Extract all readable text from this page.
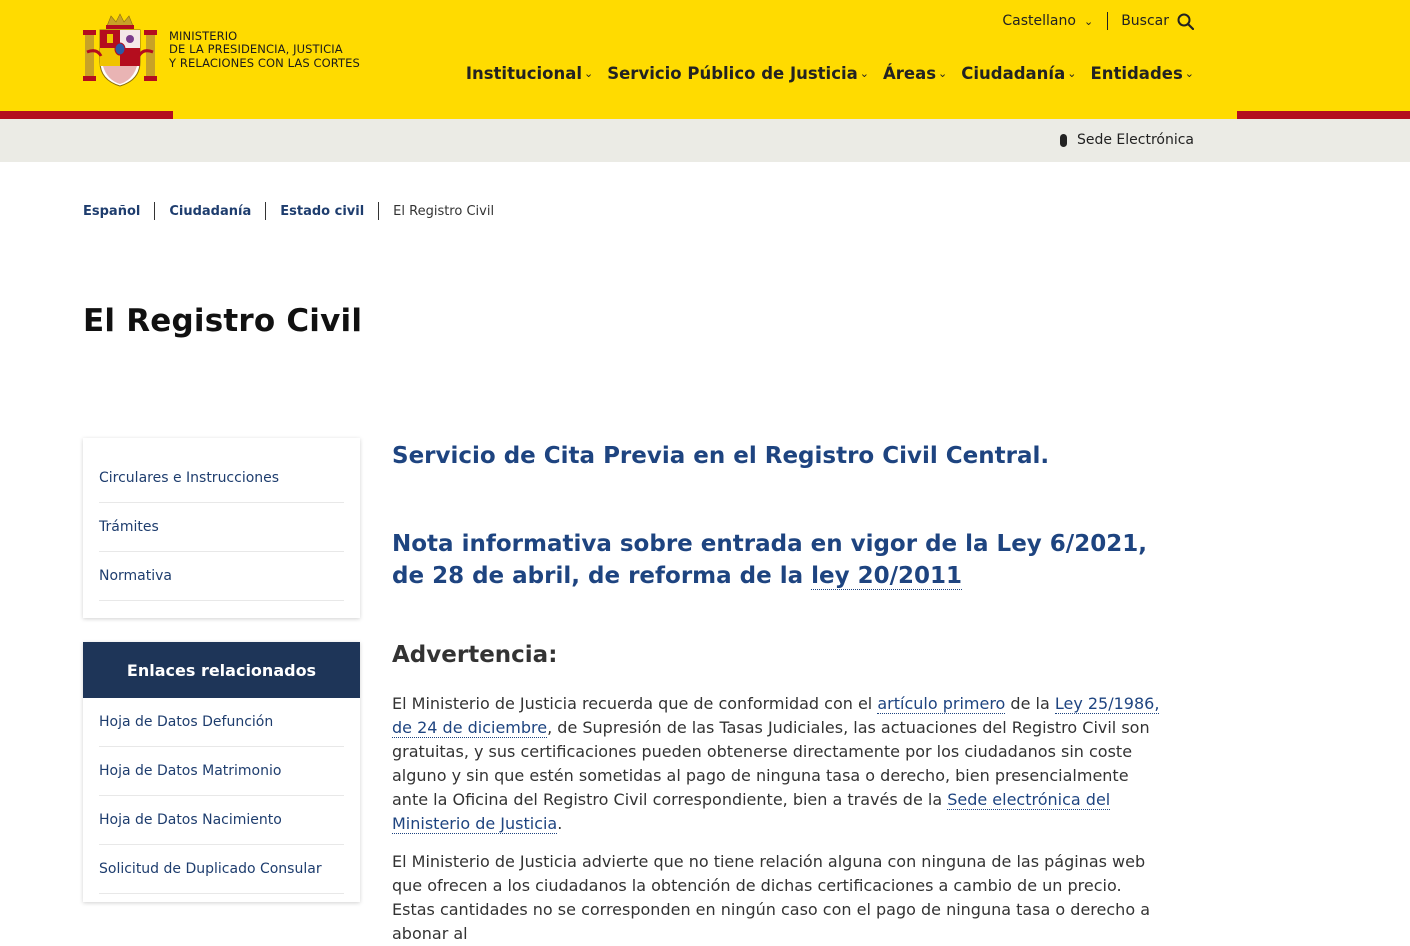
MINISTERIO
DE LA PRESIDENCIA, JUSTICIA
Y RELACIONES CON LAS CORTES
Castellano ⌄ Buscar
Institucional ⌄ Servicio Público de Justicia ⌄ Áreas ⌄ Ciudadanía ⌄ Entidades ⌄
Sede Electrónica
Español Ciudadanía Estado civil El Registro Civil
El Registro Civil
Circulares e Instrucciones
Trámites
Normativa
Enlaces relacionados
Hoja de Datos Defunción
Hoja de Datos Matrimonio
Hoja de Datos Nacimiento
Solicitud de Duplicado Consular
Servicio de Cita Previa en el Registro Civil Central.
Nota informativa sobre entrada en vigor de la Ley 6/2021, de 28 de abril, de reforma de la ley 20/2011
Advertencia:

El Ministerio de Justicia recuerda que de conformidad con el artículo primero de la Ley 25/1986, de 24 de diciembre, de Supresión de las Tasas Judiciales, las actuaciones del Registro Civil son gratuitas, y sus certificaciones pueden obtenerse directamente por los ciudadanos sin coste alguno y sin que estén sometidas al pago de ninguna tasa o derecho, bien presencialmente ante la Oficina del Registro Civil correspondiente, bien a través de la Sede electrónica del Ministerio de Justicia.

El Ministerio de Justicia advierte que no tiene relación alguna con ninguna de las páginas web que ofrecen a los ciudadanos la obtención de dichas certificaciones a cambio de un precio. Estas cantidades no se corresponden en ningún caso con el pago de ninguna tasa o derecho a abonar al
